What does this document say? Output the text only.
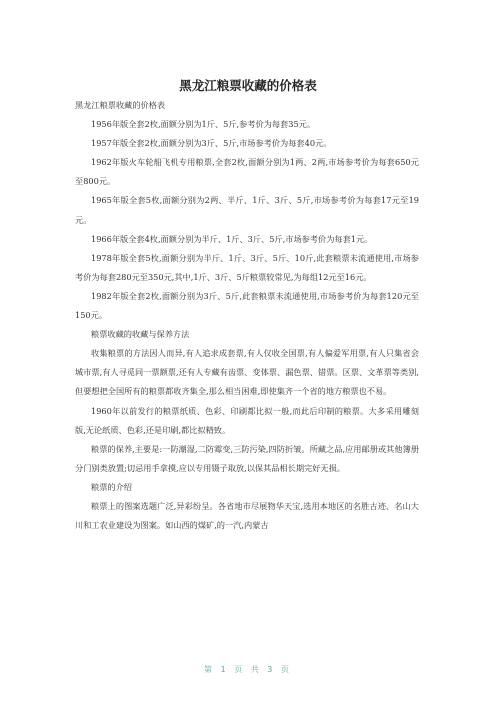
黑龙江粮票收藏的价格表

黑龙江粮票收藏的价格表

1956年版全套2枚,面额分别为1斤、5斤,参考价为每套35元。

1957年版全套2枚,面额分别为3斤、5斤,市场参考价为每套40元。

1962年版火车轮船飞机专用粮票,全套2枚,面额分别为1两、2两,市场参考价为每套650元至800元。

1965年版全套5枚,面额分别为2两、半斤、1斤、3斤、5斤,市场参考价为每套17元至19元。

1966年版全套4枚,面额分别为半斤、1斤、3斤、5斤,市场参考价为每套1元。

1978年版全套5枚,面额分别为半斤、1斤、3斤、5斤、10斤,此套粮票未流通使用,市场参考价为每套280元至350元,其中,1斤、3斤、5斤粮票较常见,为每组12元至16元。

1982年版全套2枚,面额分别为3斤、5斤,此套粮票未流通使用,市场参考价为每套120元至150元。

粮票收藏的收藏与保养方法

收集粮票的方法因人而异,有人追求成套票,有人仅收全国票,有人偏爱军用票,有人只集省会城市票,有人寻觅同一票额票,还有人专藏有齿票、变体票、漏色票、错票。区票、文革票等类别,但要想把全国所有的粮票都收齐集全,那么相当困难,即使集齐一个省的地方粮票也不易。

1960年以前发行的粮票纸质、色彩、印刷都比拟一般,而此后印制的粮票。大多采用雕刻版,无论纸质、色彩,还是印刷,都比拟精致。

粮票的保养,主要是:一防潮湿,二防霉变,三防污染,四防折皱。所藏之品,应用邮册或其他簿册分门别类放置;切忌用手拿摸,应以专用镊子取放,以保其品相长期完好无损。

粮票的介绍

粮票上的图案选题广泛,异彩纷呈。各省地市尽展物华天宝,选用本地区的名胜古迹、名山大川和工农业建设为图案。如山西的煤矿,的一汽,内蒙古

第 1 页 共 3 页
